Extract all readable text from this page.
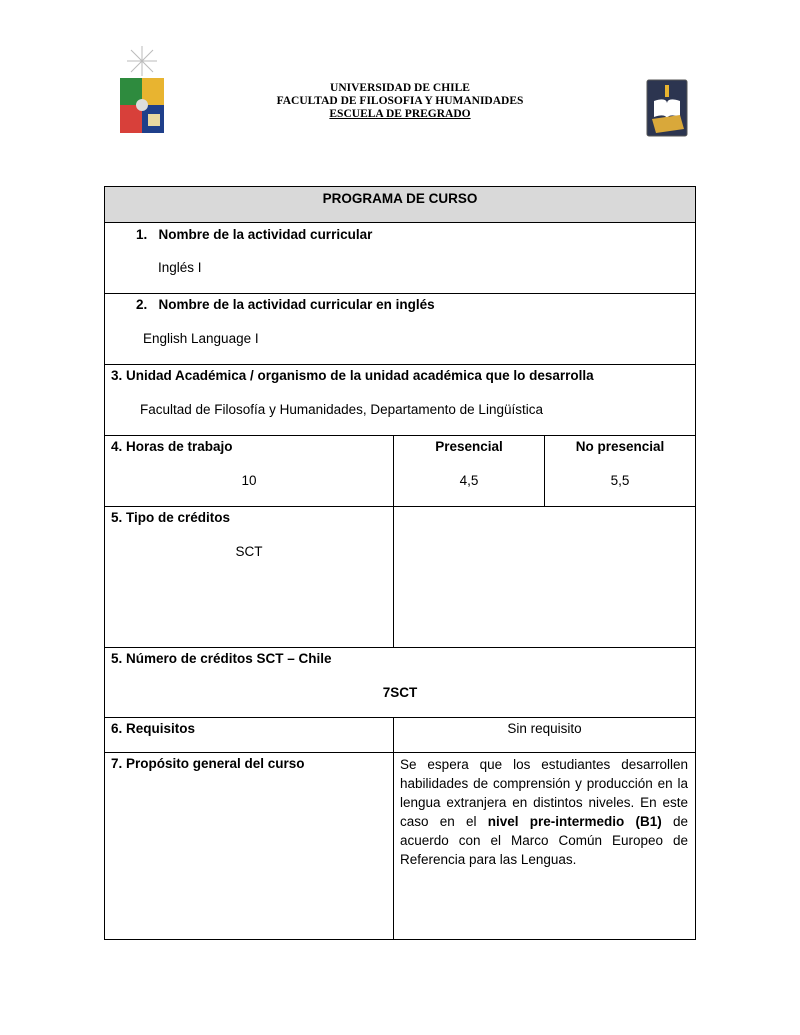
UNIVERSIDAD DE CHILE
FACULTAD DE FILOSOFIA Y HUMANIDADES
ESCUELA DE PREGRADO
PROGRAMA DE CURSO
1.   Nombre de la actividad curricular
Inglés I
2.   Nombre de la actividad curricular en inglés
English Language I
3. Unidad Académica / organismo de la unidad académica que lo desarrolla
Facultad de Filosofía y Humanidades, Departamento de Lingüística
4. Horas de trabajo
10
Presencial
4,5
No presencial
5,5
5. Tipo de créditos
SCT
5. Número de créditos SCT – Chile
7SCT
6. Requisitos	Sin requisito
7. Propósito general del curso	Se espera que los estudiantes desarrollen habilidades de comprensión y producción en la lengua extranjera en distintos niveles. En este caso en el nivel pre-intermedio (B1) de acuerdo con el Marco Común Europeo de Referencia para las Lenguas.
